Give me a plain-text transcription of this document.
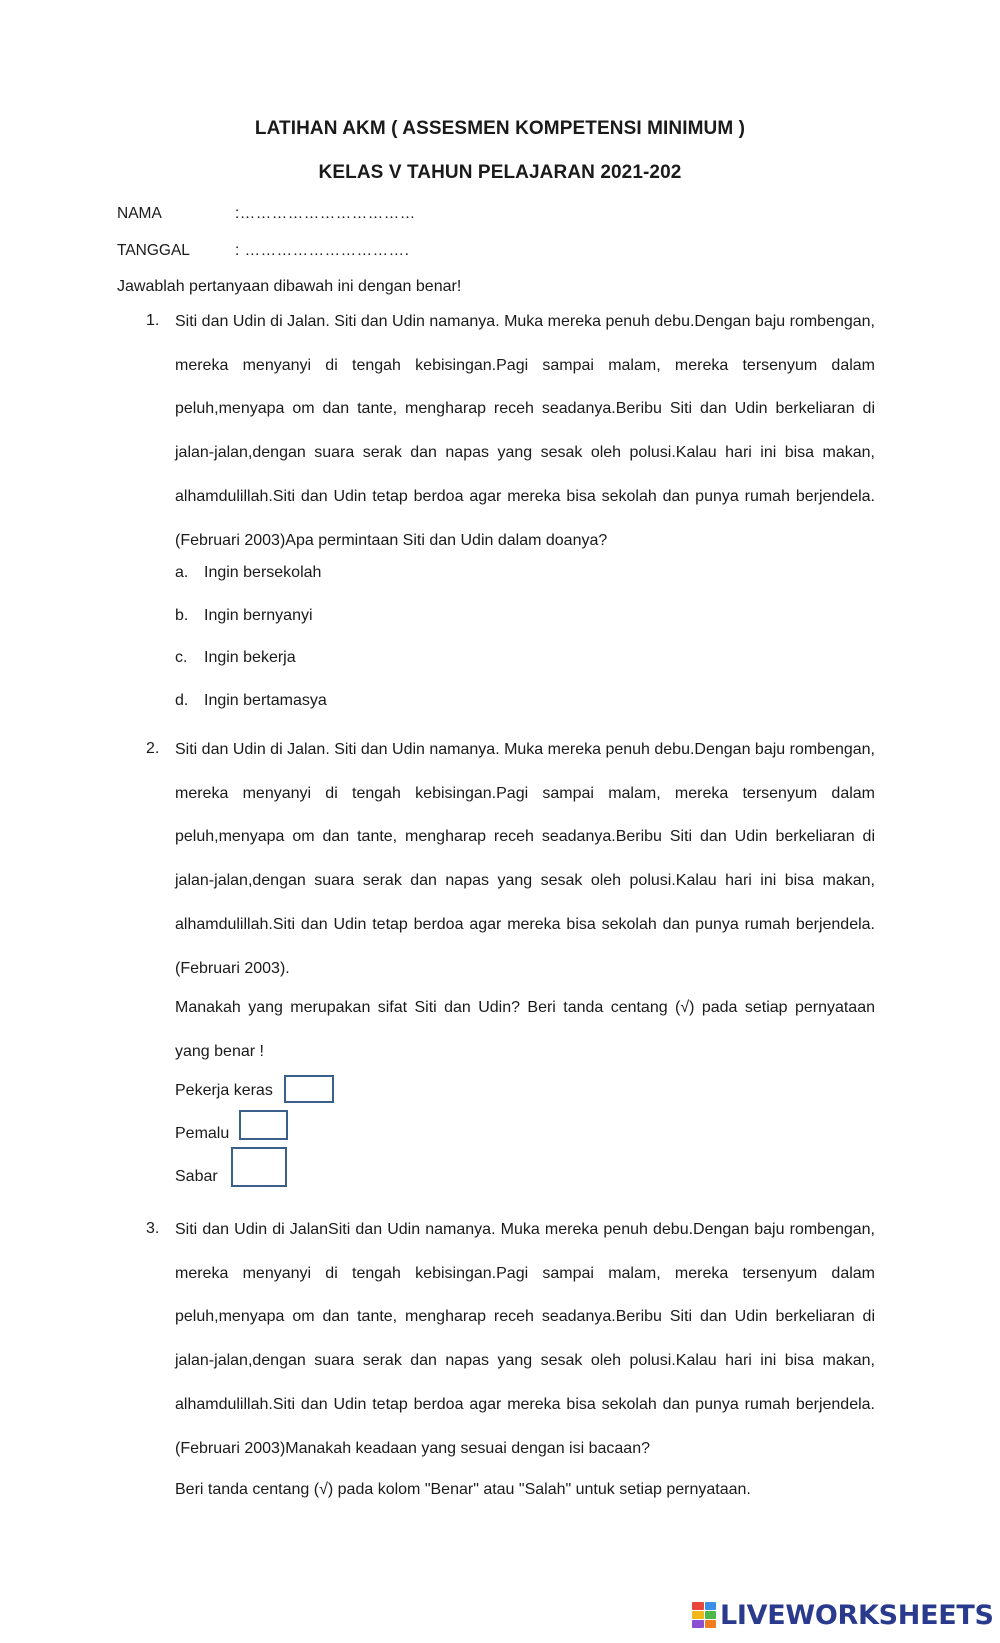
LATIHAN AKM ( ASSESMEN KOMPETENSI MINIMUM )
KELAS V TAHUN PELAJARAN 2021-202
NAMA	:……………………………
TANGGAL	: ………………………….
Jawablah pertanyaan dibawah ini dengan benar!
1. Siti dan Udin di Jalan. Siti dan Udin namanya. Muka mereka penuh debu.Dengan baju rombengan, mereka menyanyi di tengah kebisingan.Pagi sampai malam, mereka tersenyum dalam peluh,menyapa om dan tante, mengharap receh seadanya.Beribu Siti dan Udin berkeliaran di jalan-jalan,dengan suara serak dan napas yang sesak oleh polusi.Kalau hari ini bisa makan, alhamdulillah.Siti dan Udin tetap berdoa agar mereka bisa sekolah dan punya rumah berjendela.(Februari 2003)Apa permintaan Siti dan Udin dalam doanya?

a. Ingin bersekolah
b. Ingin bernyanyi
c. Ingin bekerja
d. Ingin bertamasya
2. Siti dan Udin di Jalan. Siti dan Udin namanya. Muka mereka penuh debu.Dengan baju rombengan, mereka menyanyi di tengah kebisingan.Pagi sampai malam, mereka tersenyum dalam peluh,menyapa om dan tante, mengharap receh seadanya.Beribu Siti dan Udin berkeliaran di jalan-jalan,dengan suara serak dan napas yang sesak oleh polusi.Kalau hari ini bisa makan, alhamdulillah.Siti dan Udin tetap berdoa agar mereka bisa sekolah dan punya rumah berjendela.(Februari 2003).

Manakah yang merupakan sifat Siti dan Udin? Beri tanda centang (√) pada setiap pernyataan yang benar !

Pekerja keras
Pemalu
Sabar
3. Siti dan Udin di JalanSiti dan Udin namanya. Muka mereka penuh debu.Dengan baju rombengan, mereka menyanyi di tengah kebisingan.Pagi sampai malam, mereka tersenyum dalam peluh,menyapa om dan tante, mengharap receh seadanya.Beribu Siti dan Udin berkeliaran di jalan-jalan,dengan suara serak dan napas yang sesak oleh polusi.Kalau hari ini bisa makan, alhamdulillah.Siti dan Udin tetap berdoa agar mereka bisa sekolah dan punya rumah berjendela.(Februari 2003)Manakah keadaan yang sesuai dengan isi bacaan?

Beri tanda centang (√) pada kolom "Benar" atau "Salah" untuk setiap pernyataan.

LIVEWORKSHEETS
